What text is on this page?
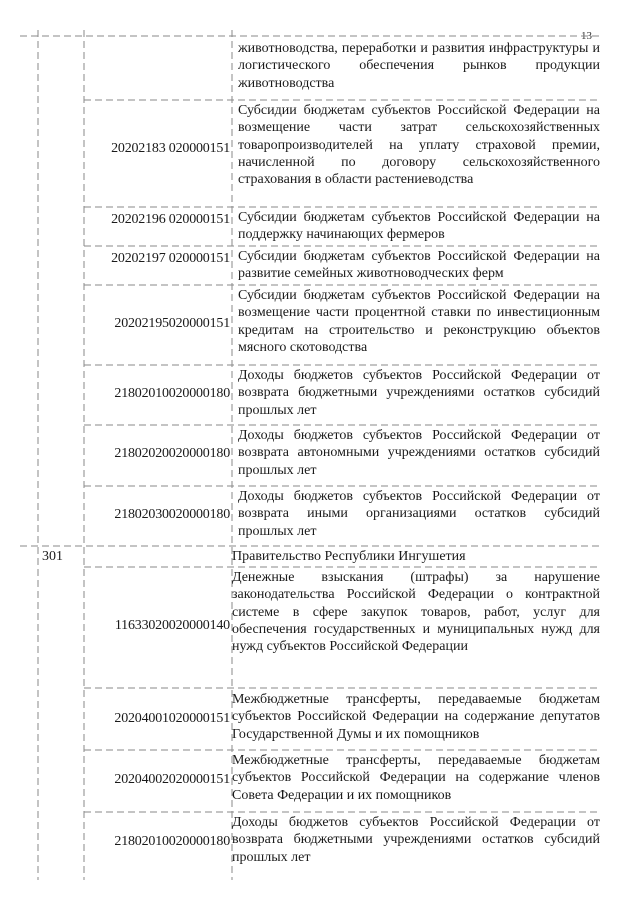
13
животноводства, переработки и развития инфраструктуры и логистического обеспечения рынков продукции животноводства
20202183 020000151
Субсидии бюджетам субъектов Российской Федерации на возмещение части затрат сельскохозяйственных товаропроизводителей на уплату страховой премии, начисленной по договору сельскохозяйственного страхования в области растениеводства
20202196 020000151 Субсидии бюджетам субъектов Российской Федерации на поддержку начинающих фермеров
20202197 020000151 Субсидии бюджетам субъектов Российской Федерации на развитие семейных животноводческих ферм
20202195020000151
Субсидии бюджетам субъектов Российской Федерации на возмещение части процентной ставки по инвестиционным кредитам на строительство и реконструкцию объектов мясного скотоводства
21802010020000180
Доходы бюджетов субъектов Российской Федерации от возврата бюджетными учреждениями остатков субсидий прошлых лет
21802020020000180
Доходы бюджетов субъектов Российской Федерации от возврата автономными учреждениями остатков субсидий прошлых лет
21802030020000180
Доходы бюджетов субъектов Российской Федерации от возврата иными организациями остатков субсидий прошлых лет
301	Правительство Республики Ингушетия
11633020020000140
Денежные взыскания (штрафы) за нарушение законодательства Российской Федерации о контрактной системе в сфере закупок товаров, работ, услуг для обеспечения государственных и муниципальных нужд для нужд субъектов Российской Федерации
20204001020000151
Межбюджетные трансферты, передаваемые бюджетам субъектов Российской Федерации на содержание депутатов Государственной Думы и их помощников
20204002020000151
Межбюджетные трансферты, передаваемые бюджетам субъектов Российской Федерации на содержание членов Совета Федерации и их помощников
21802010020000180
Доходы бюджетов субъектов Российской Федерации от возврата бюджетными учреждениями остатков субсидий прошлых лет
